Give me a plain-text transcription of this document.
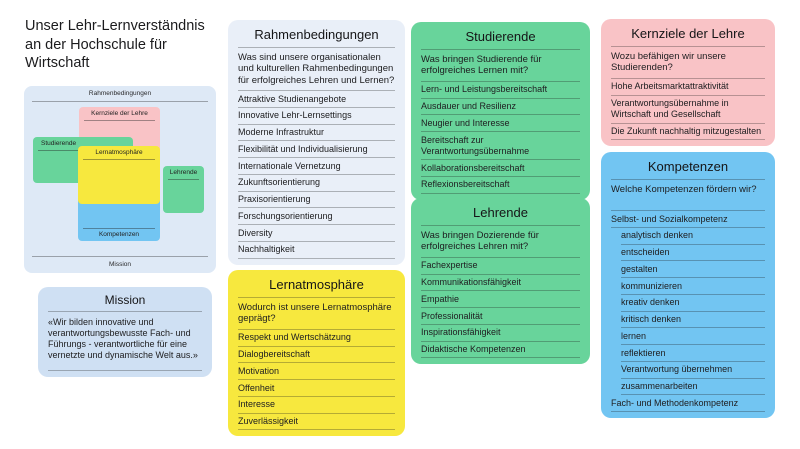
Unser Lehr-Lernverständnis an der Hochschule für Wirtschaft
Rahmenbedingungen
Kernziele der Lehre
Studierende
Kompetenzen
Lehrende
Lernatmosphäre
Mission
Mission

«Wir bilden innovative und verantwortungsbewusste Fach- und Führungs - verantwortliche für eine vernetzte und dynamische Welt aus.»

Rahmenbedingungen

Was sind unsere organisationalen und kulturellen Rahmenbedingungen für erfolgreiches Lehren und Lernen?

Attraktive Studienangebote
Innovative Lehr-Lernsettings
Moderne Infrastruktur
Flexibilität und Individualisierung
Internationale Vernetzung
Zukunftsorientierung
Praxisorientierung
Forschungsorientierung
Diversity
Nachhaltigkeit
Lernatmosphäre

Wodurch ist unsere Lernatmosphäre geprägt?

Respekt und Wertschätzung
Dialogbereitschaft
Motivation
Offenheit
Interesse
Zuverlässigkeit
Studierende

Was bringen Studierende für erfolgreiches Lernen mit?

Lern- und Leistungsbereitschaft
Ausdauer und Resilienz
Neugier und Interesse
Bereitschaft zur Verantwortungsübernahme
Kollaborationsbereitschaft
Reflexionsbereitschaft
Lehrende

Was bringen Dozierende für erfolgreiches Lehren mit?

Fachexpertise
Kommunikationsfähigkeit
Empathie
Professionalität
Inspirationsfähigkeit
Didaktische Kompetenzen
Kernziele der Lehre

Wozu befähigen wir unsere Studierenden?

Hohe Arbeitsmarktattraktivität
Verantwortungsübernahme in Wirtschaft und Gesellschaft
Die Zukunft nachhaltig mitzugestalten
Kompetenzen

Welche Kompetenzen fördern wir?

Selbst- und Sozialkompetenz
analytisch denken
entscheiden
gestalten
kommunizieren
kreativ denken
kritisch denken
lernen
reflektieren
Verantwortung übernehmen
zusammenarbeiten
Fach- und Methodenkompetenz
